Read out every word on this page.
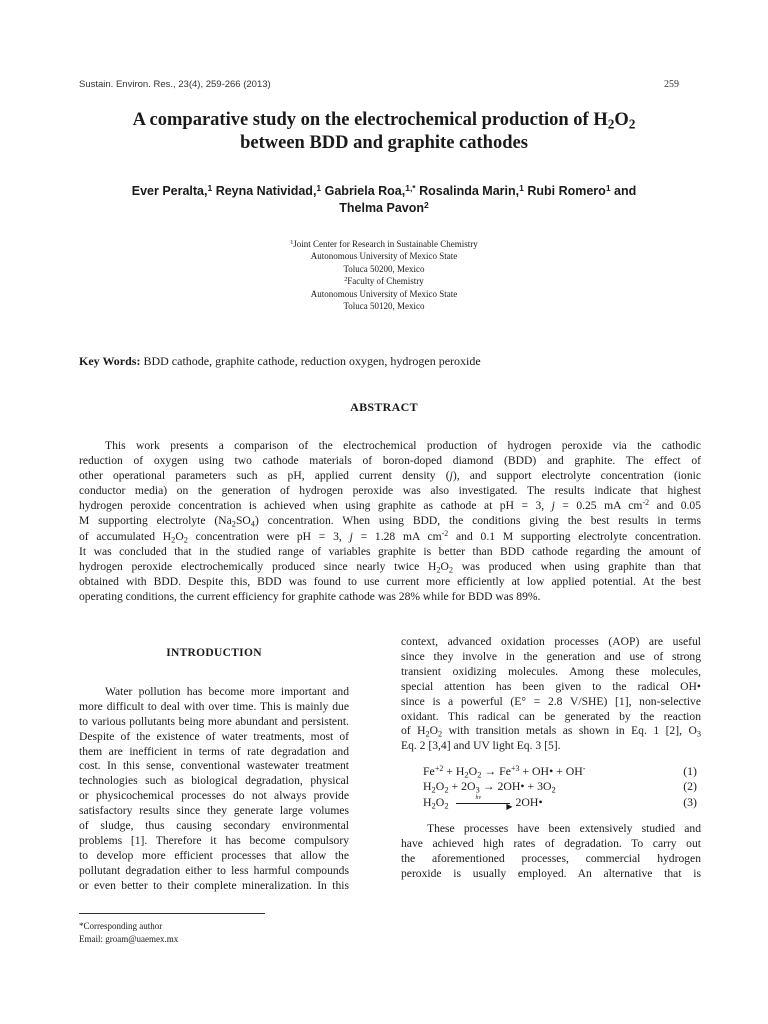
Sustain. Environ. Res., 23(4), 259-266 (2013)	259
A comparative study on the electrochemical production of $H_2O_2$
between BDD and graphite cathodes
Ever Peralta,$^1$ Reyna Natividad,$^1$ Gabriela Roa,$^{1,*}$ Rosalinda Marin,$^1$ Rubi Romero$^1$ and
Thelma Pavon$^2$
$^1$Joint Center for Research in Sustainable Chemistry
Autonomous University of Mexico State
Toluca 50200, Mexico
$^2$Faculty of Chemistry
Autonomous University of Mexico State
Toluca 50120, Mexico
Key Words: BDD cathode, graphite cathode, reduction oxygen, hydrogen peroxide
ABSTRACT
This work presents a comparison of the electrochemical production of hydrogen peroxide via the cathodic
reduction of oxygen using two cathode materials of boron-doped diamond (BDD) and graphite. The effect of
other operational parameters such as pH, applied current density (j), and support electrolyte concentration (ionic
conductor media) on the generation of hydrogen peroxide was also investigated. The results indicate that highest
hydrogen peroxide concentration is achieved when using graphite as cathode at pH = 3, j = 0.25 mA $cm^{-2}$ and 0.05
M supporting electrolyte $(Na_2SO_4)$ concentration. When using BDD, the conditions giving the best results in terms
of accumulated $H_2O_2$ concentration were pH = 3, j = 1.28 mA $cm^{-2}$ and 0.1 M supporting electrolyte concentration.
It was concluded that in the studied range of variables graphite is better than BDD cathode regarding the amount of
hydrogen peroxide electrochemically produced since nearly twice $H_2O_2$ was produced when using graphite than that
obtained with BDD. Despite this, BDD was found to use current more efficiently at low applied potential. At the best
operating conditions, the current efficiency for graphite cathode was 28% while for BDD was 89%.
INTRODUCTION
Water pollution has become more important and
more difficult to deal with over time. This is mainly due
to various pollutants being more abundant and persistent.
Despite of the existence of water treatments, most of
them are inefficient in terms of rate degradation and
cost. In this sense, conventional wastewater treatment
technologies such as biological degradation, physical
or physicochemical processes do not always provide
satisfactory results since they generate large volumes
of sludge, thus causing secondary environmental
problems [1]. Therefore it has become compulsory
to develop more efficient processes that allow the
pollutant degradation either to less harmful compounds
or even better to their complete mineralization. In this
context, advanced oxidation processes (AOP) are useful
since they involve in the generation and use of strong
transient oxidizing molecules. Among these molecules,
special attention has been given to the radical OH•
since is a powerful (E° = 2.8 V/SHE) [1], non-selective
oxidant. This radical can be generated by the reaction
of $H_2O_2$ with transition metals as shown in Eq. 1 [2], $O_3$
Eq. 2 [3,4] and UV light Eq. 3 [5].
$Fe^{+2} + H_2O_2 \to Fe^{+3}$ + OH• + OH-	(1)
$H_2O_2 + 2O_3$ → 2OH• + $3O_2$	(2)
$H_2O_2$
hν
▶ 2OH•	(3)
These processes have been extensively studied and
have achieved high rates of degradation. To carry out
the aforementioned processes, commercial hydrogen
peroxide is usually employed. An alternative that is
*Corresponding author
Email: groam@uaemex.mx
